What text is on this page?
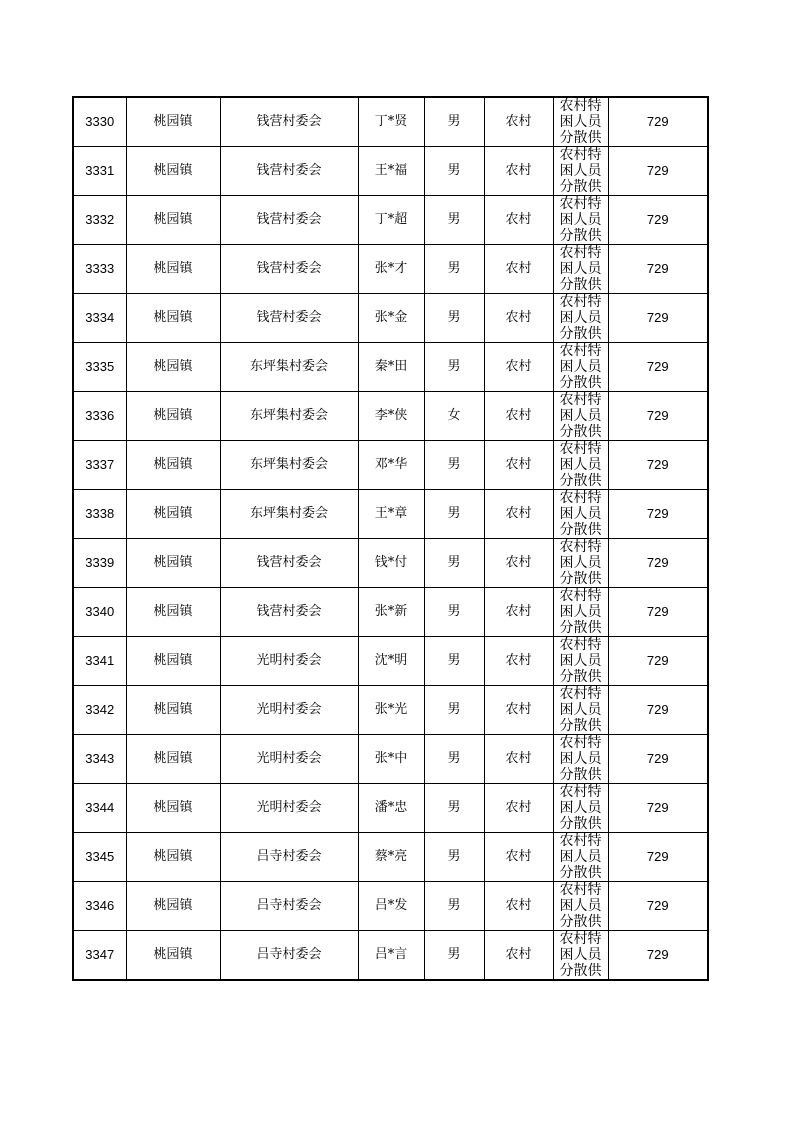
3330	桃园镇	钱营村委会	丁*贤	男	农村	农村特困人员分散供	729
3331	桃园镇	钱营村委会	王*福	男	农村	农村特困人员分散供	729
3332	桃园镇	钱营村委会	丁*超	男	农村	农村特困人员分散供	729
3333	桃园镇	钱营村委会	张*才	男	农村	农村特困人员分散供	729
3334	桃园镇	钱营村委会	张*金	男	农村	农村特困人员分散供	729
3335	桃园镇	东坪集村委会	秦*田	男	农村	农村特困人员分散供	729
3336	桃园镇	东坪集村委会	李*侠	女	农村	农村特困人员分散供	729
3337	桃园镇	东坪集村委会	邓*华	男	农村	农村特困人员分散供	729
3338	桃园镇	东坪集村委会	王*章	男	农村	农村特困人员分散供	729
3339	桃园镇	钱营村委会	钱*付	男	农村	农村特困人员分散供	729
3340	桃园镇	钱营村委会	张*新	男	农村	农村特困人员分散供	729
3341	桃园镇	光明村委会	沈*明	男	农村	农村特困人员分散供	729
3342	桃园镇	光明村委会	张*光	男	农村	农村特困人员分散供	729
3343	桃园镇	光明村委会	张*中	男	农村	农村特困人员分散供	729
3344	桃园镇	光明村委会	潘*忠	男	农村	农村特困人员分散供	729
3345	桃园镇	吕寺村委会	蔡*亮	男	农村	农村特困人员分散供	729
3346	桃园镇	吕寺村委会	吕*发	男	农村	农村特困人员分散供	729
3347	桃园镇	吕寺村委会	吕*言	男	农村	农村特困人员分散供	729
